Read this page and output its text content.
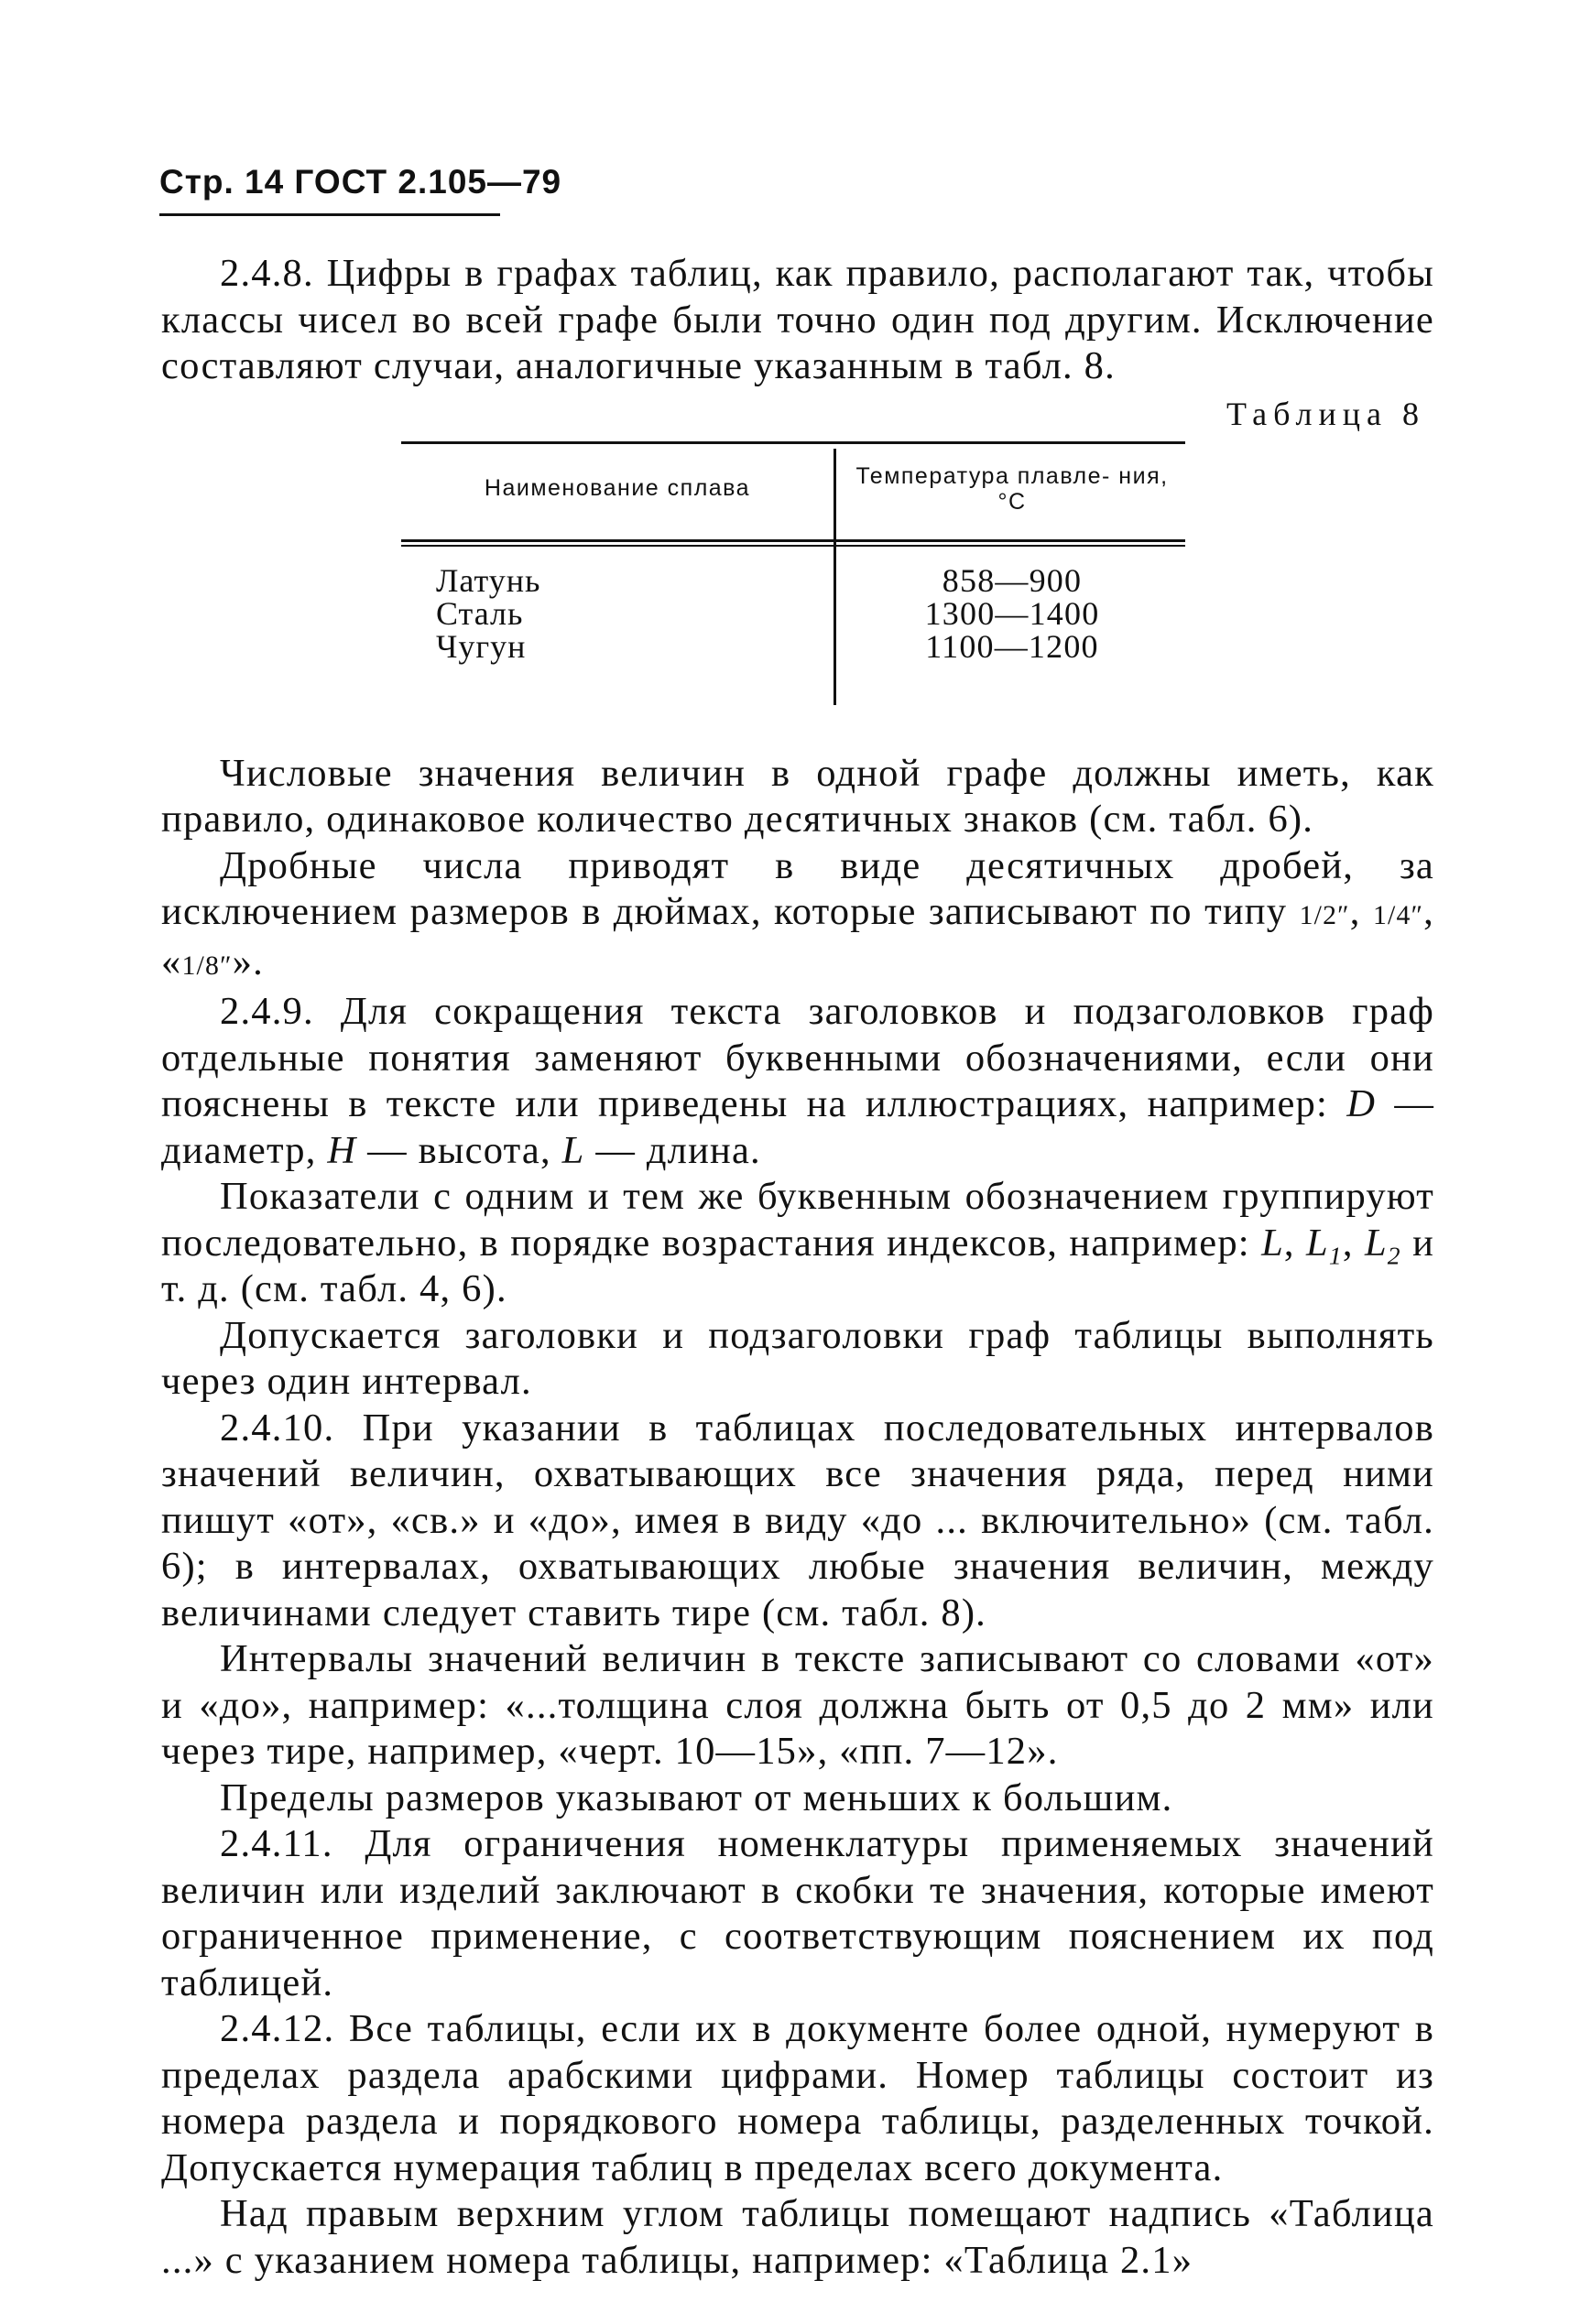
Стр. 14 ГОСТ 2.105—79

2.4.8. Цифры в графах таблиц, как правило, располагают так, чтобы классы чисел во всей графе были точно один под другим. Исключение составляют случаи, аналогичные указанным в табл. 8.

Таблица 8
Наименование сплава	Температура плавле- ния, °С
Латунь
Сталь
Чугун
858—900
1300—1400
1100—1200

Числовые значения величин в одной графе должны иметь, как правило, одинаковое количество десятичных знаков (см. табл. 6).

Дробные числа приводят в виде десятичных дробей, за исключением размеров в дюймах, которые записывают по типу 1/2″, 1/4″, «1/8″».

2.4.9. Для сокращения текста заголовков и подзаголовков граф отдельные понятия заменяют буквенными обозначениями, если они пояснены в тексте или приведены на иллюстрациях, например: D — диаметр, H — высота, L — длина.

Показатели с одним и тем же буквенным обозначением группируют последовательно, в порядке возрастания индексов, например: L, $L_1$, $L_2$ и т. д. (см. табл. 4, 6).

Допускается заголовки и подзаголовки граф таблицы выполнять через один интервал.

2.4.10. При указании в таблицах последовательных интервалов значений величин, охватывающих все значения ряда, перед ними пишут «от», «св.» и «до», имея в виду «до ... включительно» (см. табл. 6); в интервалах, охватывающих любые значения величин, между величинами следует ставить тире (см. табл. 8).

Интервалы значений величин в тексте записывают со словами «от» и «до», например: «...толщина слоя должна быть от 0,5 до 2 мм» или через тире, например, «черт. 10—15», «пп. 7—12».

Пределы размеров указывают от меньших к большим.

2.4.11. Для ограничения номенклатуры применяемых значений величин или изделий заключают в скобки те значения, которые имеют ограниченное применение, с соответствующим пояснением их под таблицей.

2.4.12. Все таблицы, если их в документе более одной, нумеруют в пределах раздела арабскими цифрами. Номер таблицы состоит из номера раздела и порядкового номера таблицы, разделенных точкой. Допускается нумерация таблиц в пределах всего документа.

Над правым верхним углом таблицы помещают надпись «Таблица ...» с указанием номера таблицы, например: «Таблица 2.1»
